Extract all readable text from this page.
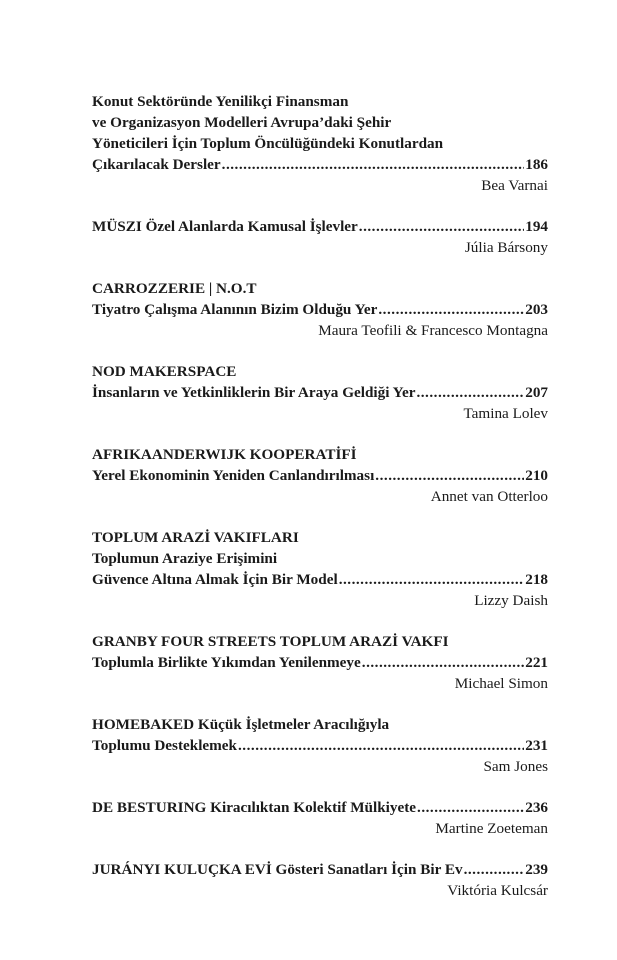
Konut Sektöründe Yenilikçi Finansman
ve Organizasyon Modelleri Avrupa’daki Şehir
Yöneticileri İçin Toplum Öncülüğündeki Konutlardan
Çıkarılacak Dersler .....	186
Bea Varnai
MÜSZI Özel Alanlarda Kamusal İşlevler .....	194
Júlia Bársony
CARROZZERIE | N.O.T
Tiyatro Çalışma Alanının Bizim Olduğu Yer .....	203
Maura Teofili & Francesco Montagna
NOD MAKERSPACE
İnsanların ve Yetkinliklerin Bir Araya Geldiği Yer .....	207
Tamina Lolev
AFRIKAANDERWIJK KOOPERATİFİ
Yerel Ekonominin Yeniden Canlandırılması .....	210
Annet van Otterloo
TOPLUM ARAZİ VAKIFLARI
Toplumun Araziye Erişimini
Güvence Altına Almak İçin Bir Model .....	218
Lizzy Daish
GRANBY FOUR STREETS TOPLUM ARAZİ VAKFI
Toplumla Birlikte Yıkımdan Yenilenmeye .....	221
Michael Simon
HOMEBAKED Küçük İşletmeler Aracılığıyla
Toplumu Desteklemek .....	231
Sam Jones
DE BESTURING Kiracılıktan Kolektif Mülkiyete .....	236
Martine Zoeteman
JURÁNYI KULUÇKA EVİ Gösteri Sanatları İçin Bir Ev .....	239
Viktória Kulcsár
